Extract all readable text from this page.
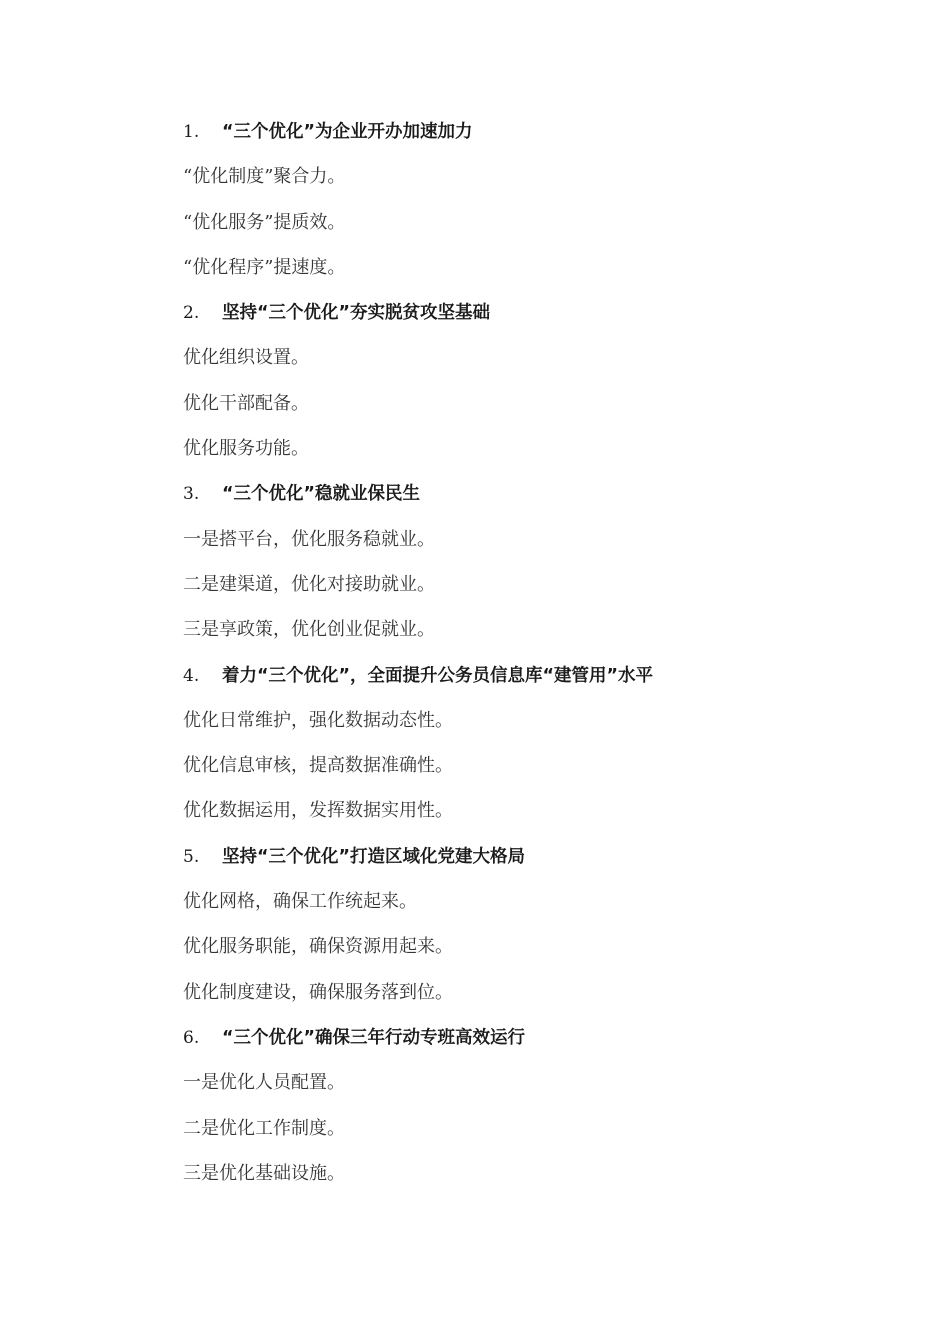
1. “三个优化”为企业开办加速加力
“优化制度”聚合力。
“优化服务”提质效。
“优化程序”提速度。
2. 坚持“三个优化”夯实脱贫攻坚基础
优化组织设置。
优化干部配备。
优化服务功能。
3. “三个优化”稳就业保民生
一是搭平台，优化服务稳就业。
二是建渠道，优化对接助就业。
三是享政策，优化创业促就业。
4. 着力“三个优化”，全面提升公务员信息库“建管用”水平
优化日常维护，强化数据动态性。
优化信息审核，提高数据准确性。
优化数据运用，发挥数据实用性。
5. 坚持“三个优化”打造区域化党建大格局
优化网格，确保工作统起来。
优化服务职能，确保资源用起来。
优化制度建设，确保服务落到位。
6. “三个优化”确保三年行动专班高效运行
一是优化人员配置。
二是优化工作制度。
三是优化基础设施。
